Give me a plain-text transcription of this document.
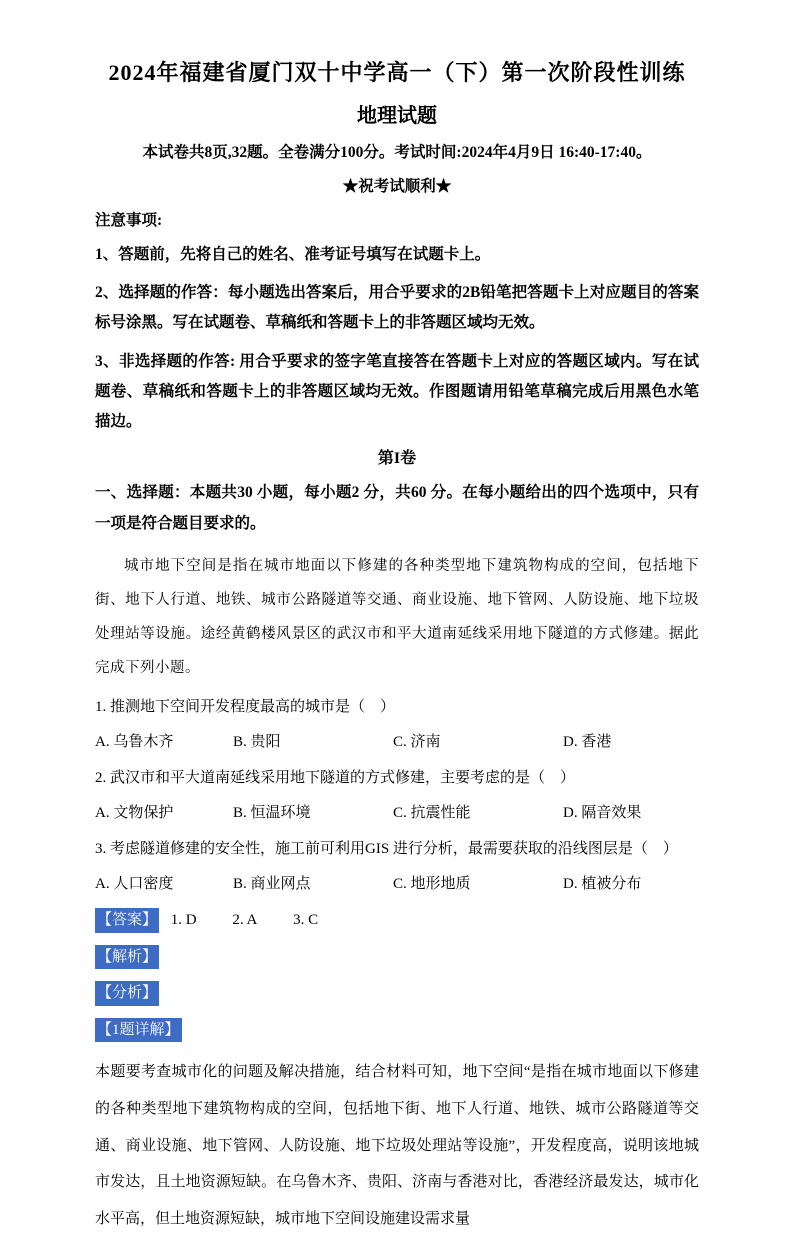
2024年福建省厦门双十中学高一（下）第一次阶段性训练
地理试题
本试卷共8页,32题。全卷满分100分。考试时间:2024年4月9日 16:40-17:40。
★祝考试顺利★
注意事项:
1、答题前，先将自己的姓名、准考证号填写在试题卡上。
2、选择题的作答：每小题选出答案后，用合乎要求的2B铅笔把答题卡上对应题目的答案标号涂黑。写在试题卷、草稿纸和答题卡上的非答题区域均无效。
3、非选择题的作答: 用合乎要求的签字笔直接答在答题卡上对应的答题区域内。写在试题卷、草稿纸和答题卡上的非答题区域均无效。作图题请用铅笔草稿完成后用黑色水笔描边。
第I卷
一、选择题：本题共30 小题，每小题2 分，共60 分。在每小题给出的四个选项中，只有一项是符合题目要求的。
城市地下空间是指在城市地面以下修建的各种类型地下建筑物构成的空间，包括地下街、地下人行道、地铁、城市公路隧道等交通、商业设施、地下管网、人防设施、地下垃圾处理站等设施。途经黄鹤楼风景区的武汉市和平大道南延线采用地下隧道的方式修建。据此完成下列小题。
1. 推测地下空间开发程度最高的城市是（　）
A. 乌鲁木齐	B. 贵阳	C. 济南	D. 香港
2. 武汉市和平大道南延线采用地下隧道的方式修建，主要考虑的是（　）
A. 文物保护	B. 恒温环境	C. 抗震性能	D. 隔音效果
3. 考虑隧道修建的安全性，施工前可利用GIS 进行分析，最需要获取的沿线图层是（　）
A. 人口密度	B. 商业网点	C. 地形地质	D. 植被分布
【答案】 1. D 2. A 3. C
【解析】
【分析】
【1题详解】
本题要考查城市化的问题及解决措施，结合材料可知，地下空间“是指在城市地面以下修建的各种类型地下建筑物构成的空间，包括地下街、地下人行道、地铁、城市公路隧道等交通、商业设施、地下管网、人防设施、地下垃圾处理站等设施”，开发程度高，说明该地城市发达，且土地资源短缺。在乌鲁木齐、贵阳、济南与香港对比，香港经济最发达，城市化水平高，但土地资源短缺，城市地下空间设施建设需求量
